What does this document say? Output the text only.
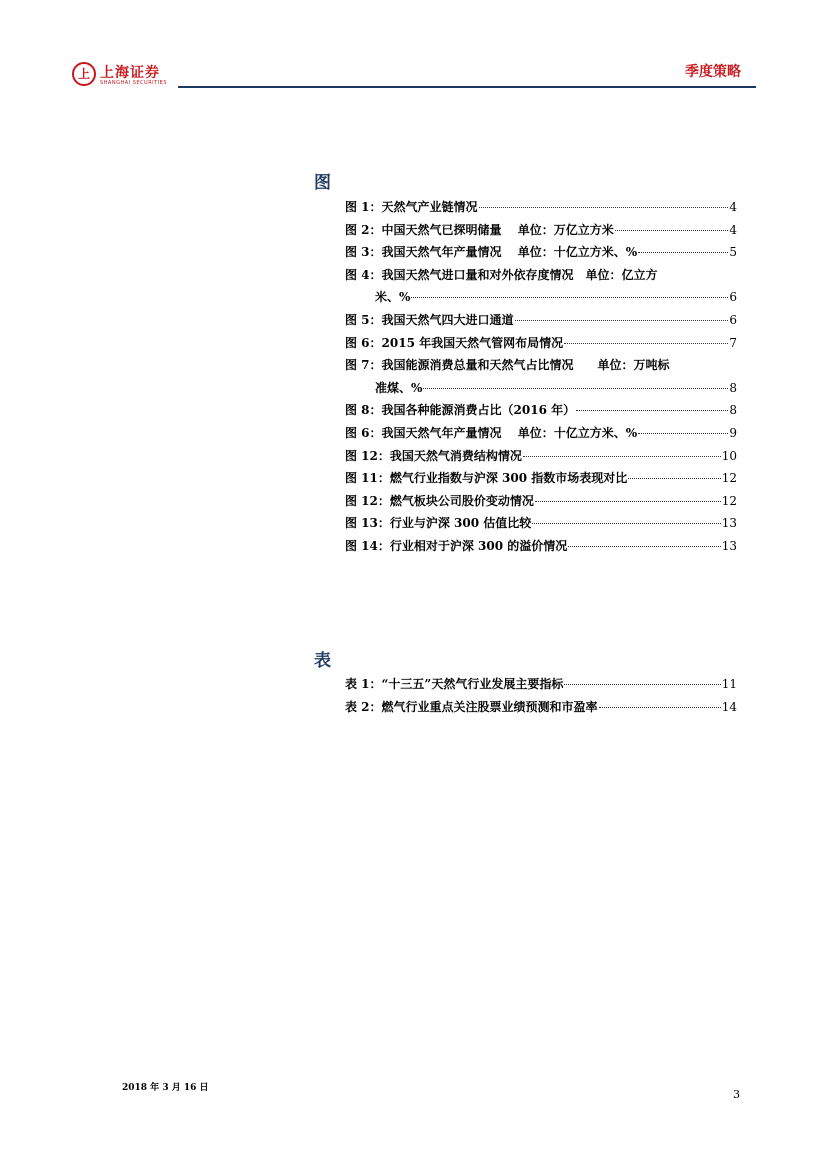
上 上海证券
SHANGHAI SECURITIES
季度策略
图
图 1：天然气产业链情况	4
图 2：中国天然气已探明储量　 单位：万亿立方米	4
图 3：我国天然气年产量情况　 单位：十亿立方米、%	5
图 4：我国天然气进口量和对外依存度情况　单位：亿立方
米、%	6
图 5：我国天然气四大进口通道	6
图 6：2015 年我国天然气管网布局情况	7
图 7：我国能源消费总量和天然气占比情况　　单位：万吨标
准煤、%	8
图 8：我国各种能源消费占比（2016 年）	8
图 6：我国天然气年产量情况　 单位：十亿立方米、%	9
图 12：我国天然气消费结构情况	10
图 11：燃气行业指数与沪深 300 指数市场表现对比	12
图 12：燃气板块公司股价变动情况	12
图 13：行业与沪深 300 估值比较	13
图 14：行业相对于沪深 300 的溢价情况	13
表
表 1：“十三五”天然气行业发展主要指标	11
表 2：燃气行业重点关注股票业绩预测和市盈率	14
2018 年 3 月 16 日	3
